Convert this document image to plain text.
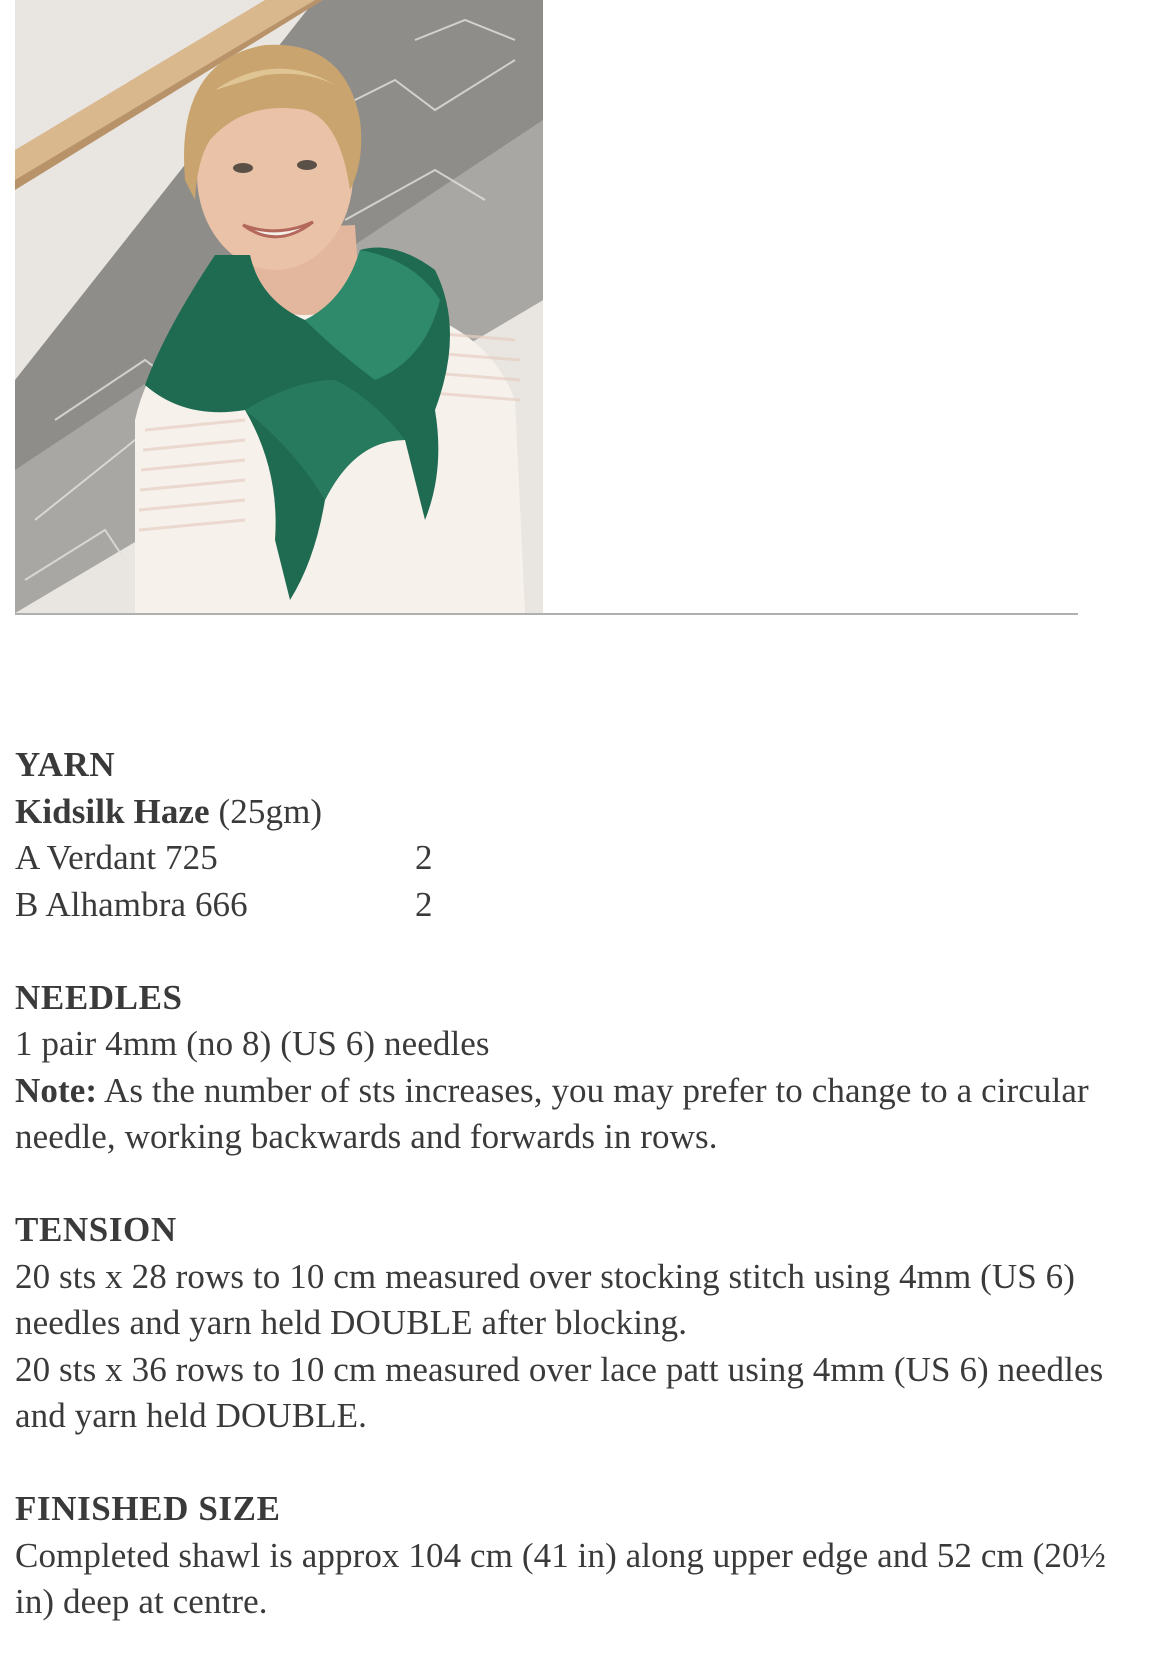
YARN

Kidsilk Haze (25gm)

A Verdant 725	2
B Alhambra 666	2

NEEDLES

1 pair 4mm (no 8) (US 6) needles

Note: As the number of sts increases, you may prefer to change to a circular needle, working backwards and forwards in rows.

TENSION

20 sts x 28 rows to 10 cm measured over stocking stitch using 4mm (US 6) needles and yarn held DOUBLE after blocking.

20 sts x 36 rows to 10 cm measured over lace patt using 4mm (US 6) needles and yarn held DOUBLE.

FINISHED SIZE

Completed shawl is approx 104 cm (41 in) along upper edge and 52 cm (20½ in) deep at centre.
